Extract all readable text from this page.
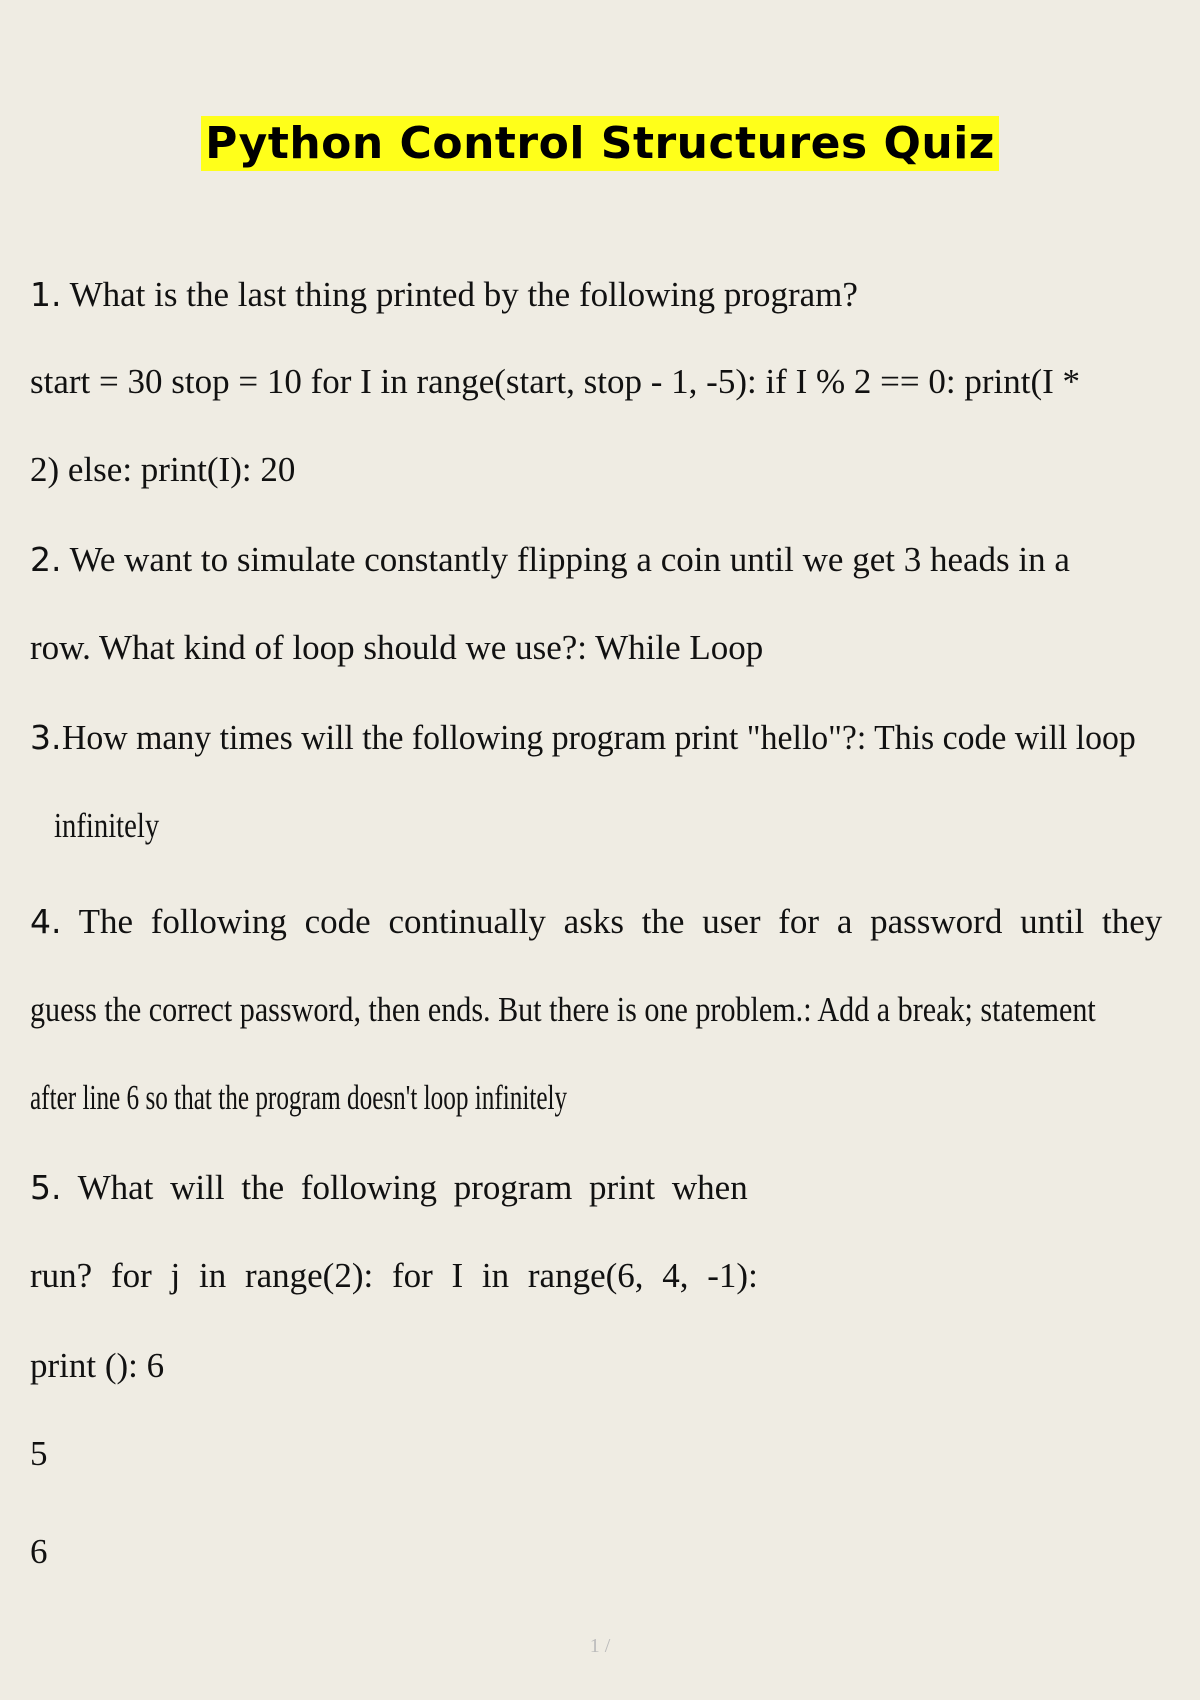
Python Control Structures Quiz
1. What is the last thing printed by the following program?
start = 30 stop = 10 for I in range(start, stop - 1, -5): if I % 2 == 0: print(I *
2) else: print(I): 20
2. We want to simulate constantly flipping a coin until we get 3 heads in a
row. What kind of loop should we use?: While Loop
3.How many times will the following program print "hello"?: This code will loop
infinitely
4. The following code continually asks the user for a password until they
guess the correct password, then ends. But there is one problem.: Add a break; statement
after line 6 so that the program doesn't loop infinitely
5. What will the following program print when
run? for j in range(2): for I in range(6, 4, -1):
print (): 6
5
6
1 /
